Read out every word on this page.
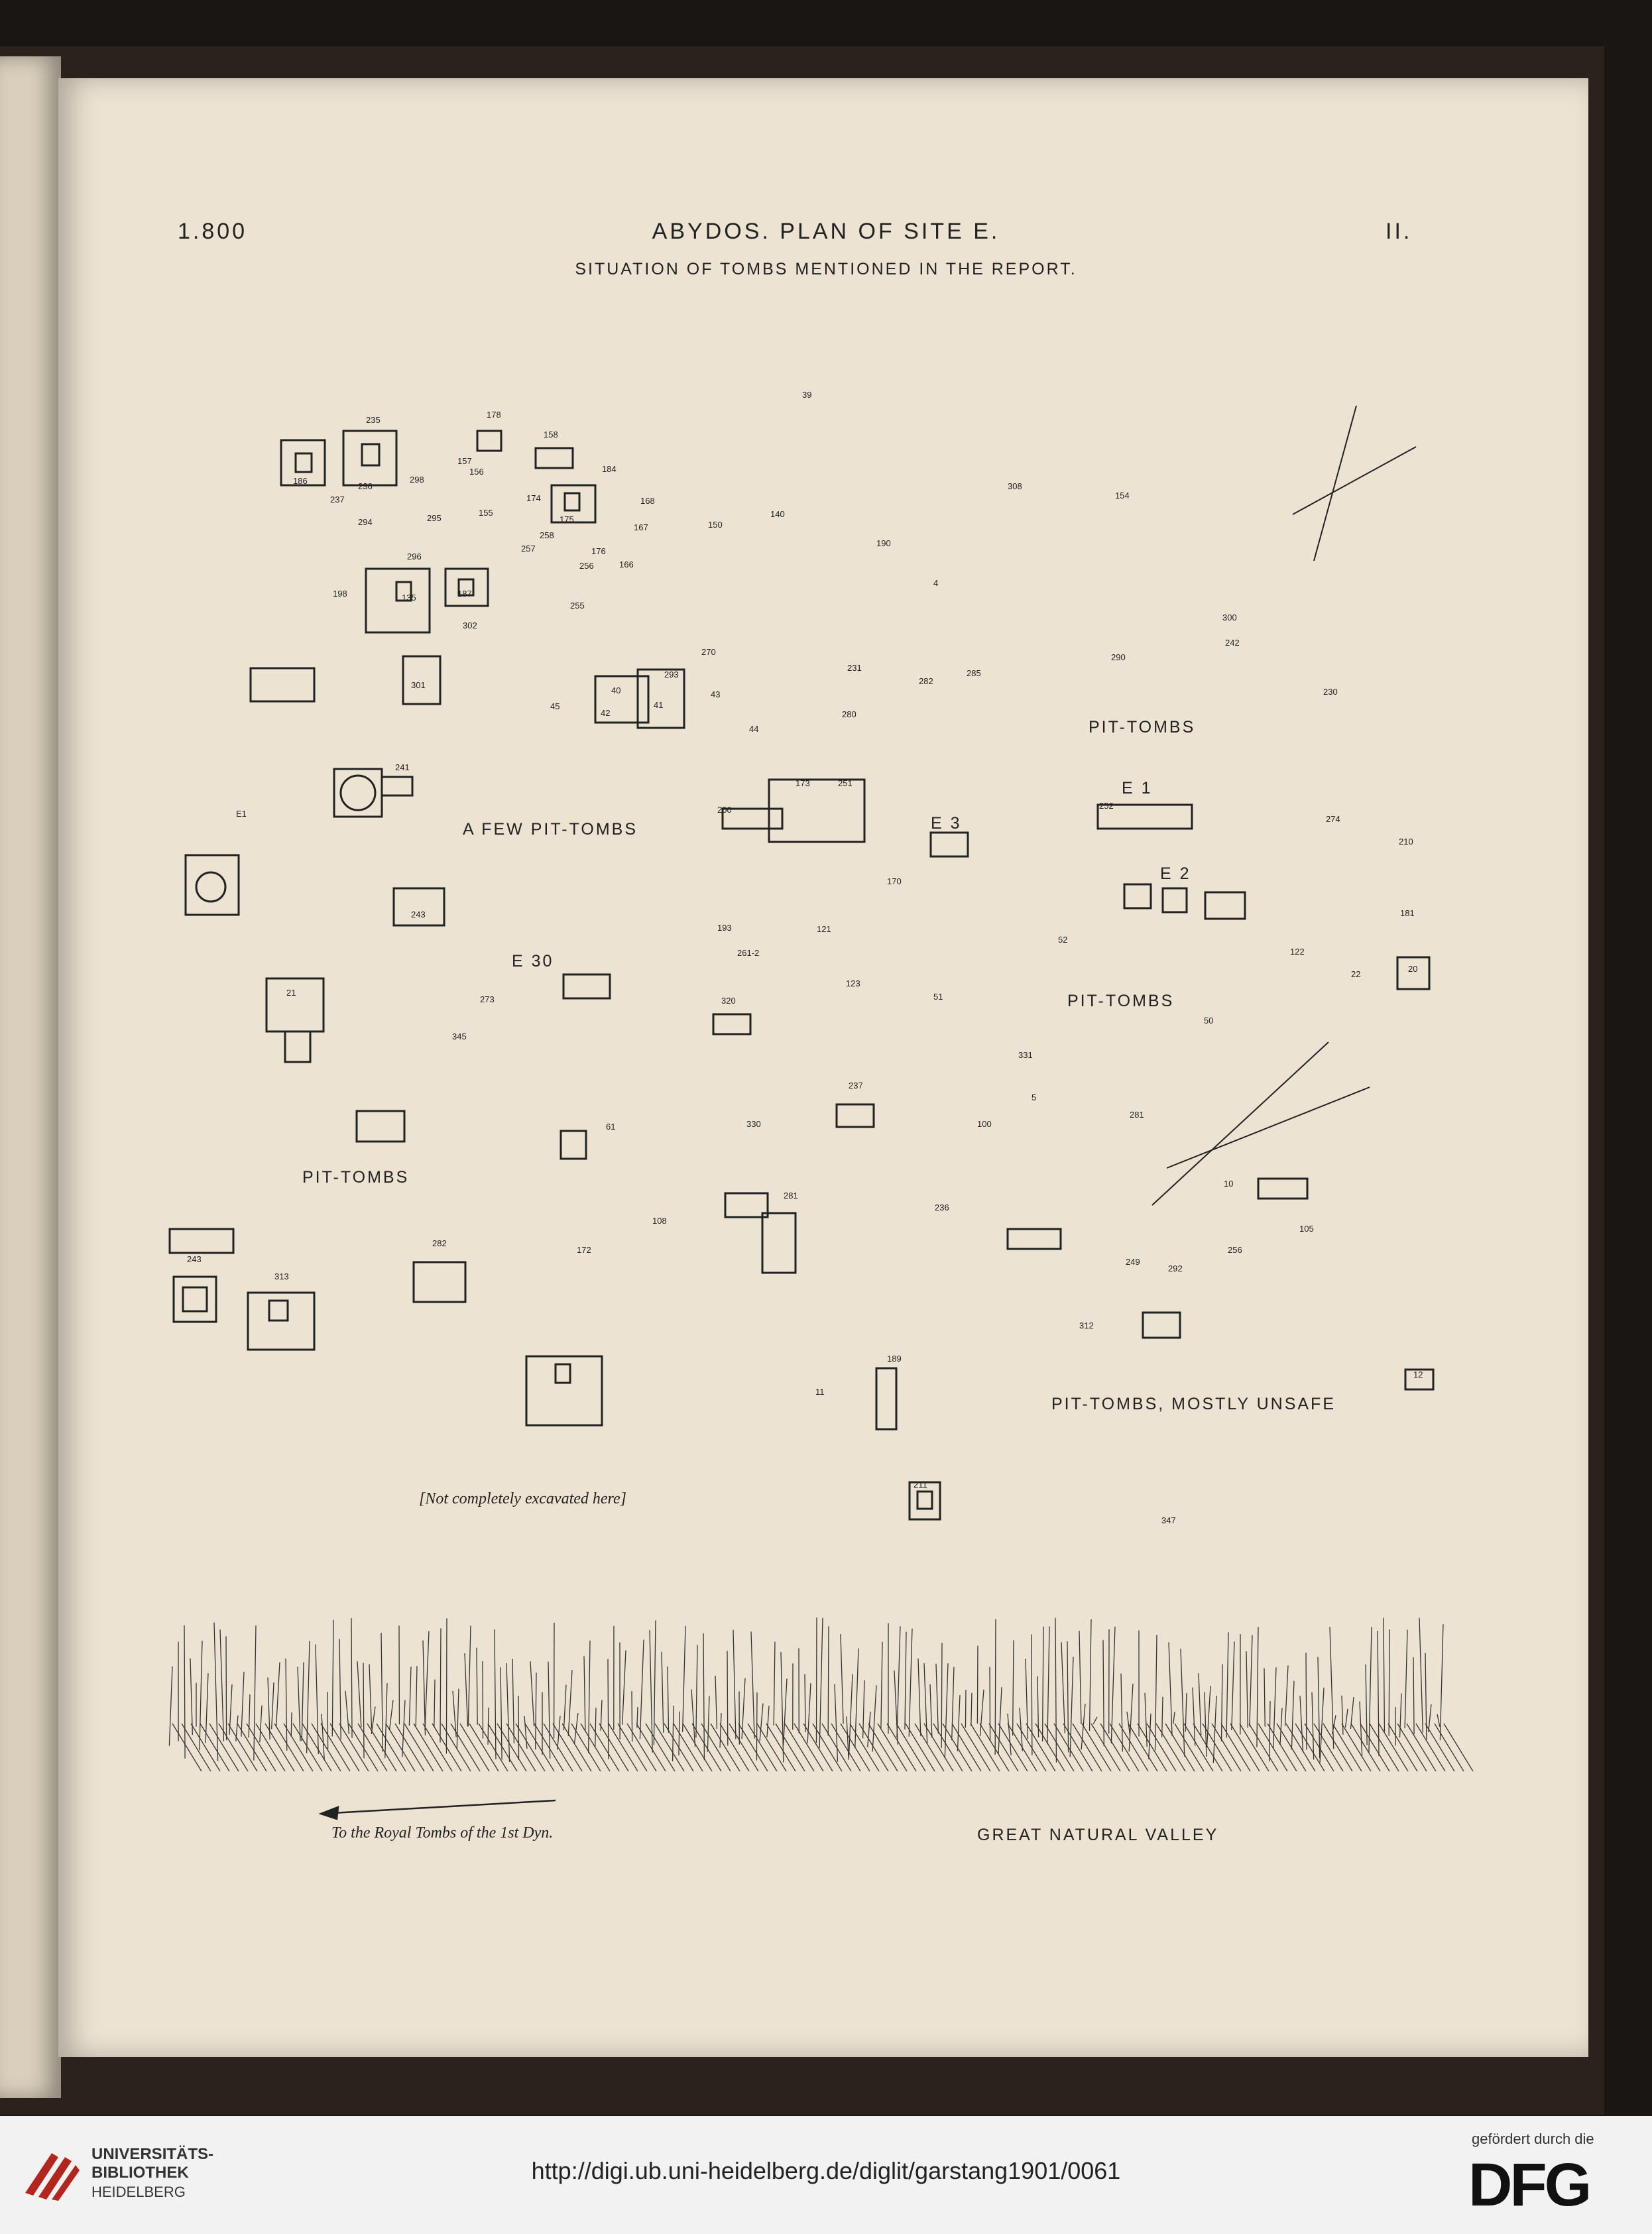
1.800	ABYDOS. PLAN OF SITE E.	II.
SITUATION OF TOMBS MENTIONED IN THE REPORT.
PIT-TOMBS
A FEW PIT-TOMBS
E 1
E 2
E 3
E 30
PIT-TOMBS
PIT-TOMBS
PIT-TOMBS, MOSTLY UNSAFE
[Not completely excavated here]
To the Royal Tombs of the 1st Dyn.	GREAT NATURAL VALLEY
235
178
158
186
157
156	184
237
236
298
174	168
294	295
155
175
167	150
140
308
154
190
258
257
296
176
256	166
198	135	187
255
4
302
300
270
242
290
231
282
285
301
293
43
45
40
42
41
44
280
230
241
173	251
250	252
E1
274
210
170
243
193	121
52
181
261-2	122
22
20
21
273	320
123
51
50
345
331
5
237
61	330	100
281
281
10
236
282
108
172
105
256
249
292
243
313
312
189
11
12
211
347
39
UNIVERSITÄTS-
BIBLIOTHEK
HEIDELBERG
http://digi.ub.uni-heidelberg.de/diglit/garstang1901/0061
gefördert durch die
DFG
